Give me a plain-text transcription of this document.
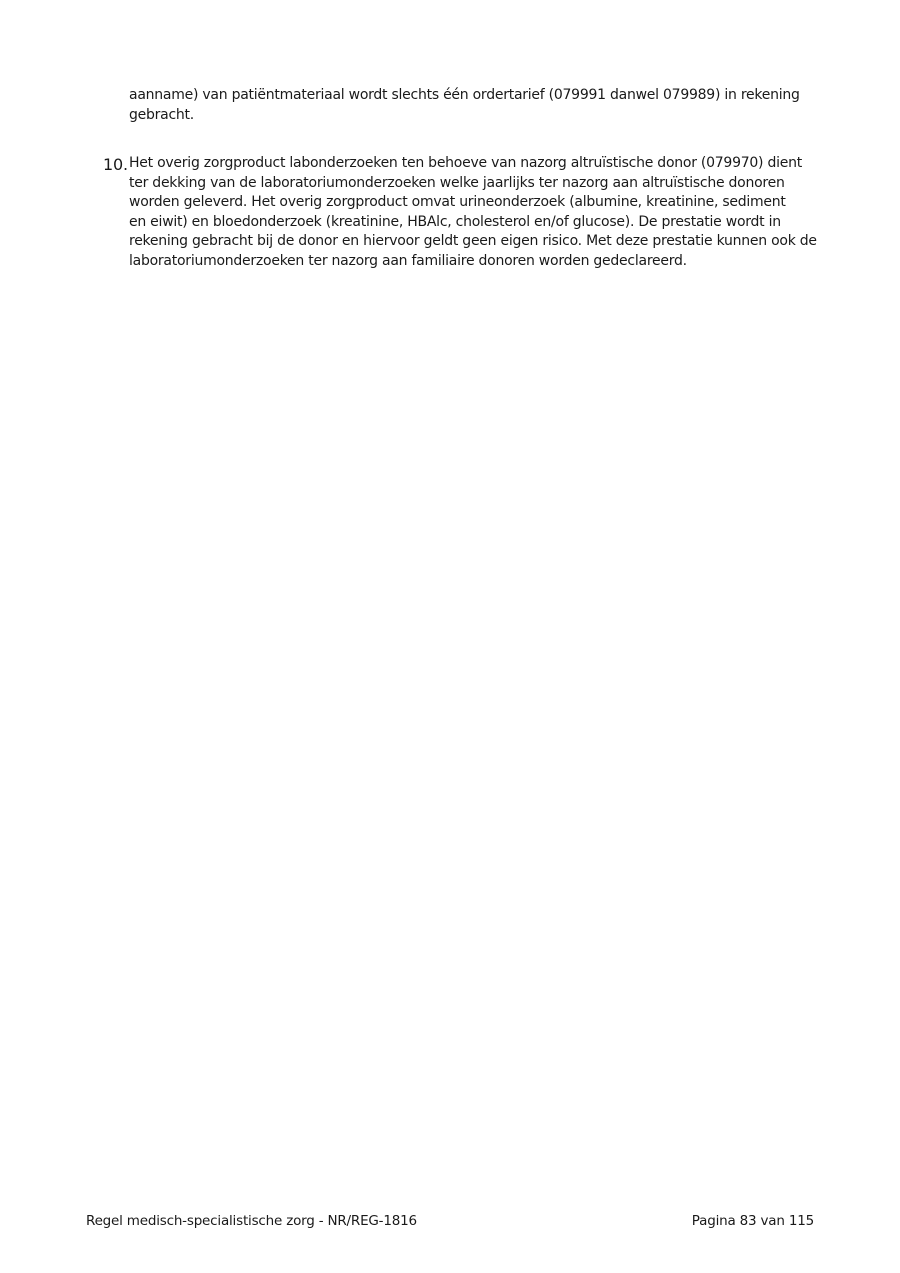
aanname) van patiëntmateriaal wordt slechts één ordertarief (079991 danwel 079989) in rekening
gebracht.
10. Het overig zorgproduct labonderzoeken ten behoeve van nazorg altruïstische donor (079970) dient
ter dekking van de laboratoriumonderzoeken welke jaarlijks ter nazorg aan altruïstische donoren
worden geleverd. Het overig zorgproduct omvat urineonderzoek (albumine, kreatinine, sediment
en eiwit) en bloedonderzoek (kreatinine, HBAlc, cholesterol en/of glucose). De prestatie wordt in
rekening gebracht bij de donor en hiervoor geldt geen eigen risico. Met deze prestatie kunnen ook de
laboratoriumonderzoeken ter nazorg aan familiaire donoren worden gedeclareerd.
Regel medisch-specialistische zorg - NR/REG-1816	Pagina 83 van 115
